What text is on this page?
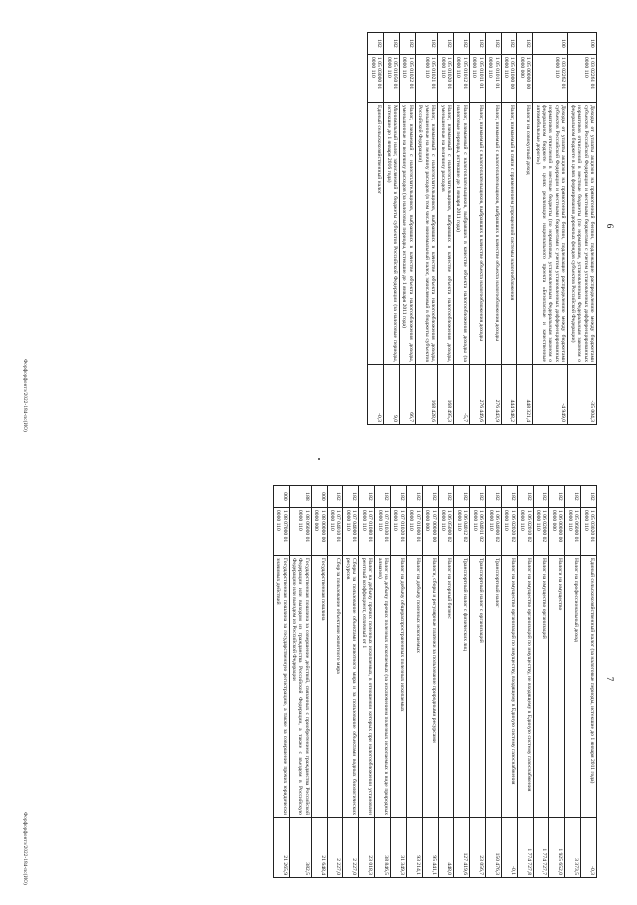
6
100	1 03 02261 01 0000 110	Доходы от уплаты акцизов на прямогонный бензин, подлежащие распределению между бюджетами субъектов Российской Федерации и местными бюджетами с учетом установленных дифференцированных нормативов отчислений в местные бюджеты (по нормативам, установленным Федеральным законом о федеральном бюджете в целях формирования дорожных фондов субъектов Российской Федерации)	-35 004,3
100	1 03 02262 01 0000 110	Доходы от уплаты акцизов на прямогонный бензин, подлежащие распределению между бюджетами субъектов Российской Федерации и местными бюджетами с учетом установленных дифференцированных нормативов отчислений в местные бюджеты (по нормативам, установленным Федеральным законом о федеральном бюджете в целях реализации национального проекта «Безопасные и качественные автомобильные дороги»)	-4 949,0
182	1 05 00000 00 0000 000	Налоги на совокупный доход	448 321,4
182	1 05 01000 00 0000 110	Налог, взимаемый в связи с применением упрощенной системы налогообложения	444 948,2
182	1 05 01011 01 0000 110	Налог, взимаемый с налогоплательщиков, выбравших в качестве объекта налогообложения доходы	276 443,9
182	1 05 01011 01 0000 110	Налог, взимаемый с налогоплательщиков, выбравших в качестве объекта налогообложения доходы	276 449,6
182	1 05 01012 01 0000 110	Налог, взимаемый с налогоплательщиков, выбравших в качестве объекта налогообложения доходы (за налоговые периоды, истекшие до 1 января 2011 года)	-5,7
182	1 05 01020 01 0000 110	Налог, взимаемый с налогоплательщиков, выбравших в качестве объекта налогообложения доходы, уменьшенные на величину расходов	168 495,3
182	1 05 01021 01 0000 110	Налог, взимаемый с налогоплательщиков, выбравших в качестве объекта налогообложения доходы, уменьшенные на величину расходов (в том числе минимальный налог, зачисляемый в бюджеты субъектов Российской Федерации)	168 428,6
182	1 05 01022 01 0000 110	Налог, взимаемый с налогоплательщиков, выбравших в качестве объекта налогообложения доходы, уменьшенные на величину расходов (за налоговые периоды, истекшие до 1 января 2011 года)	66,7
182	1 05 01050 01 0000 110	Минимальный налог, зачисляемый в бюджеты субъектов Российской Федерации (за налоговые периоды, истекшие до 1 января 2016 года)	9,0
182	1 05 03000 01 0000 110	Единый сельскохозяйственный налог	-0,3
Форфорфонтз/2022-184-пс(ИО)
7
182	1 05 03020 01 0000 110	Единый сельскохозяйственный налог (за налоговые периоды, истекшие до 1 января 2011 года)	-0,3
182	1 05 06000 01 0000 110	Налог на профессиональный доход	3 373,5
182	1 06 00000 00 0000 000	Налоги на имущество	1 925 652,0
182	1 06 02000 02 0000 110	Налог на имущество организаций	1 774 727,7
182	1 06 02010 02 0000 110	Налог на имущество организаций по имуществу, не входящему в Единую систему газоснабжения	1 774 727,8
182	1 06 02020 02 0000 110	Налог на имущество организаций по имуществу, входящему в Единую систему газоснабжения	-0,1
182	1 06 04000 02 0000 110	Транспортный налог	150 476,3
182	1 06 04011 02 0000 110	Транспортный налог с организаций	23 056,7
182	1 06 04012 02 0000 110	Транспортный налог с физических лиц	127 419,6
182	1 06 05000 02 0000 110	Налог на игорный бизнес	448,0
182	1 07 00000 00 0000 000	Налоги, сборы и регулярные платежи за пользование природными ресурсами	95 441,1
182	1 07 01000 01 0000 110	Налог на добычу полезных ископаемых	93 214,1
182	1 07 01020 01 0000 110	Налог на добычу общераспространенных полезных ископаемых	31 349,3
182	1 07 01030 01 0000 110	Налог на добычу прочих полезных ископаемых (за исключением полезных ископаемых в виде природных алмазов)	38 846,5
182	1 07 01080 01 0000 110	Налог на добычу прочих полезных ископаемых, в отношении которых при налогообложении установлен рентный коэффициент, отличный от 1	23 018,3
182	1 07 04000 01 0000 110	Сборы за пользование объектами животного мира и за пользование объектами водных биологических ресурсов	2 227,0
182	1 07 04010 01 0000 110	Сбор за пользование объектами животного мира	2 227,0
000	1 08 00000 00 0000 000	Государственная пошлина	21 648,4
188	1 08 06000 01 0000 110	Государственная пошлина за совершение действий, связанных с приобретением гражданства Российской Федерации или выходом из гражданства Российской Федерации, а также с въездом в Российскую Федерацию или выездом из Российской Федерации	382,5
000	1 08 07000 01 0000 110	Государственная пошлина за государственную регистрацию, а также за совершение прочих юридически значимых действий	21 265,9
Форфорфонтз/2022-184-пс(ИО)
